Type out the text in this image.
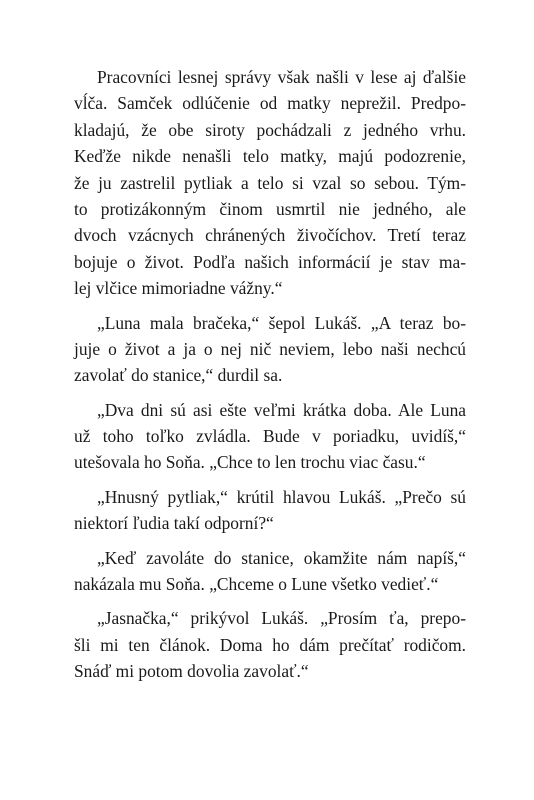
Pracovníci lesnej správy však našli v lese aj ďalšie
vĺča. Samček odlúčenie od matky neprežil. Predpo-
kladajú, že obe siroty pochádzali z jedného vrhu.
Keďže nikde nenašli telo matky, majú podozrenie,
že ju zastrelil pytliak a telo si vzal so sebou. Tým-
to protizákonným činom usmrtil nie jedného, ale
dvoch vzácnych chránených živočíchov. Tretí teraz
bojuje o život. Podľa našich informácií je stav ma-
lej vlčice mimoriadne vážny.“
„Luna mala bračeka,“ šepol Lukáš. „A teraz bo-
juje o život a ja o nej nič neviem, lebo naši nechcú
zavolať do stanice,“ durdil sa.
„Dva dni sú asi ešte veľmi krátka doba. Ale Luna
už toho toľko zvládla. Bude v poriadku, uvidíš,“
utešovala ho Soňa. „Chce to len trochu viac času.“
„Hnusný pytliak,“ krútil hlavou Lukáš. „Prečo sú
niektorí ľudia takí odporní?“
„Keď zavoláte do stanice, okamžite nám napíš,“
nakázala mu Soňa. „Chceme o Lune všetko vedieť.“
„Jasnačka,“ prikývol Lukáš. „Prosím ťa, prepo-
šli mi ten článok. Doma ho dám prečítať rodičom.
Snáď mi potom dovolia zavolať.“
